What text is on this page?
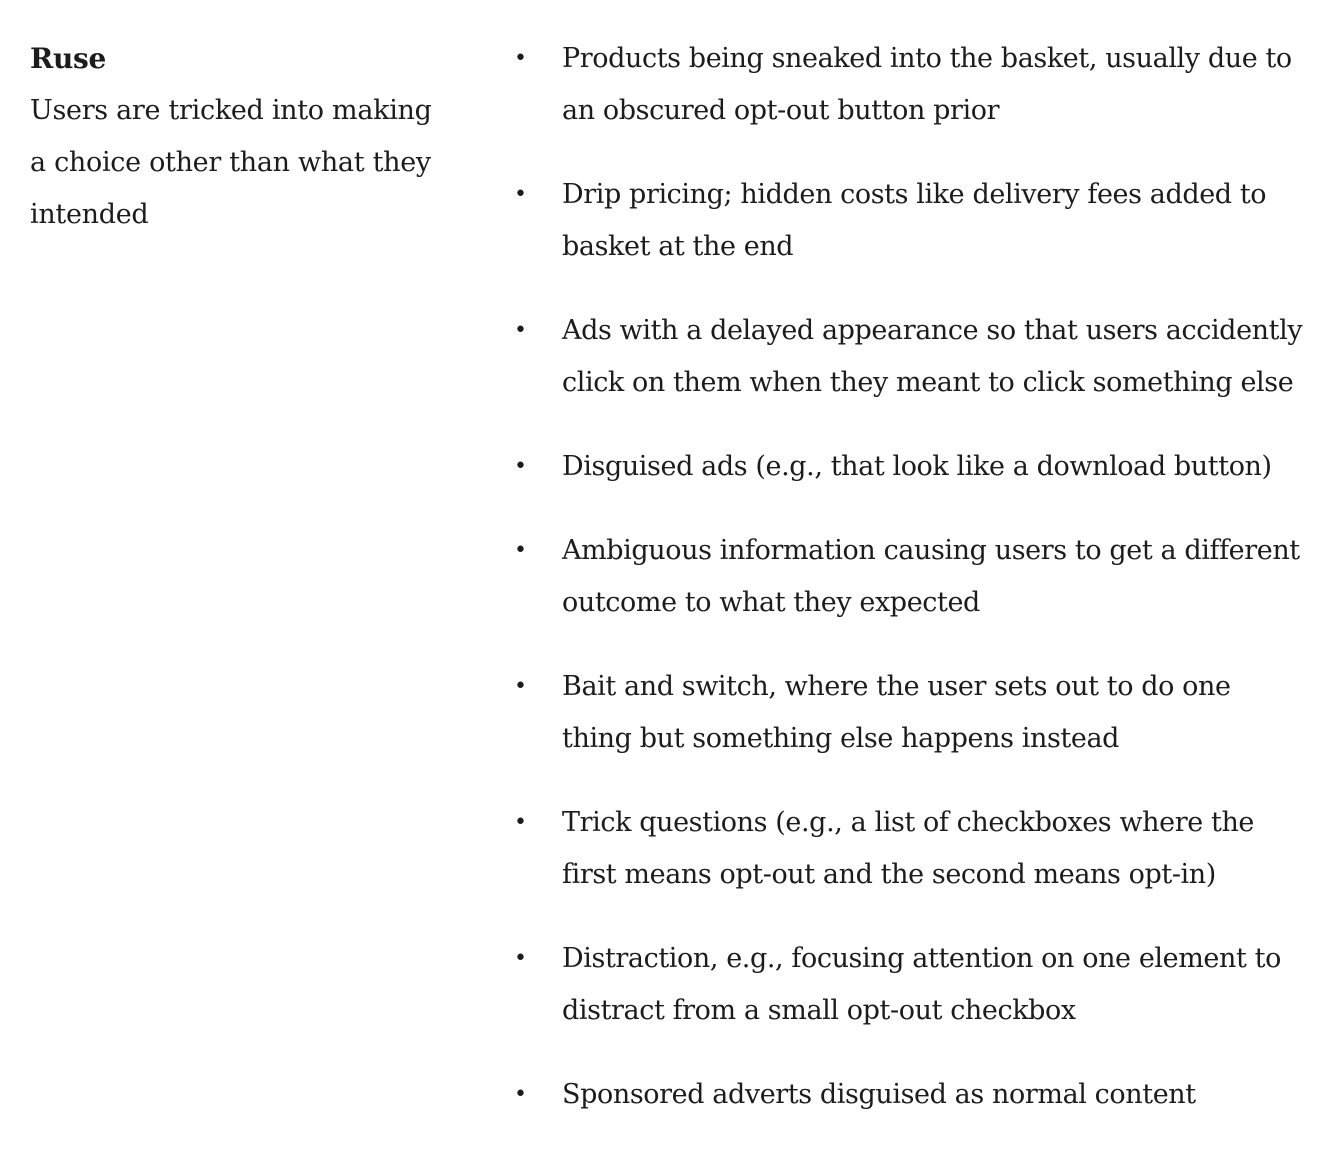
Ruse

Users are tricked into making a choice other than what they intended

• Products being sneaked into the basket, usually due to an obscured opt-out button prior
• Drip pricing; hidden costs like delivery fees added to basket at the end
• Ads with a delayed appearance so that users accidently click on them when they meant to click something else
• Disguised ads (e.g., that look like a download button)
• Ambiguous information causing users to get a different outcome to what they expected
• Bait and switch, where the user sets out to do one thing but something else happens instead
• Trick questions (e.g., a list of checkboxes where the first means opt-out and the second means opt-in)
• Distraction, e.g., focusing attention on one element to distract from a small opt-out checkbox
• Sponsored adverts disguised as normal content
